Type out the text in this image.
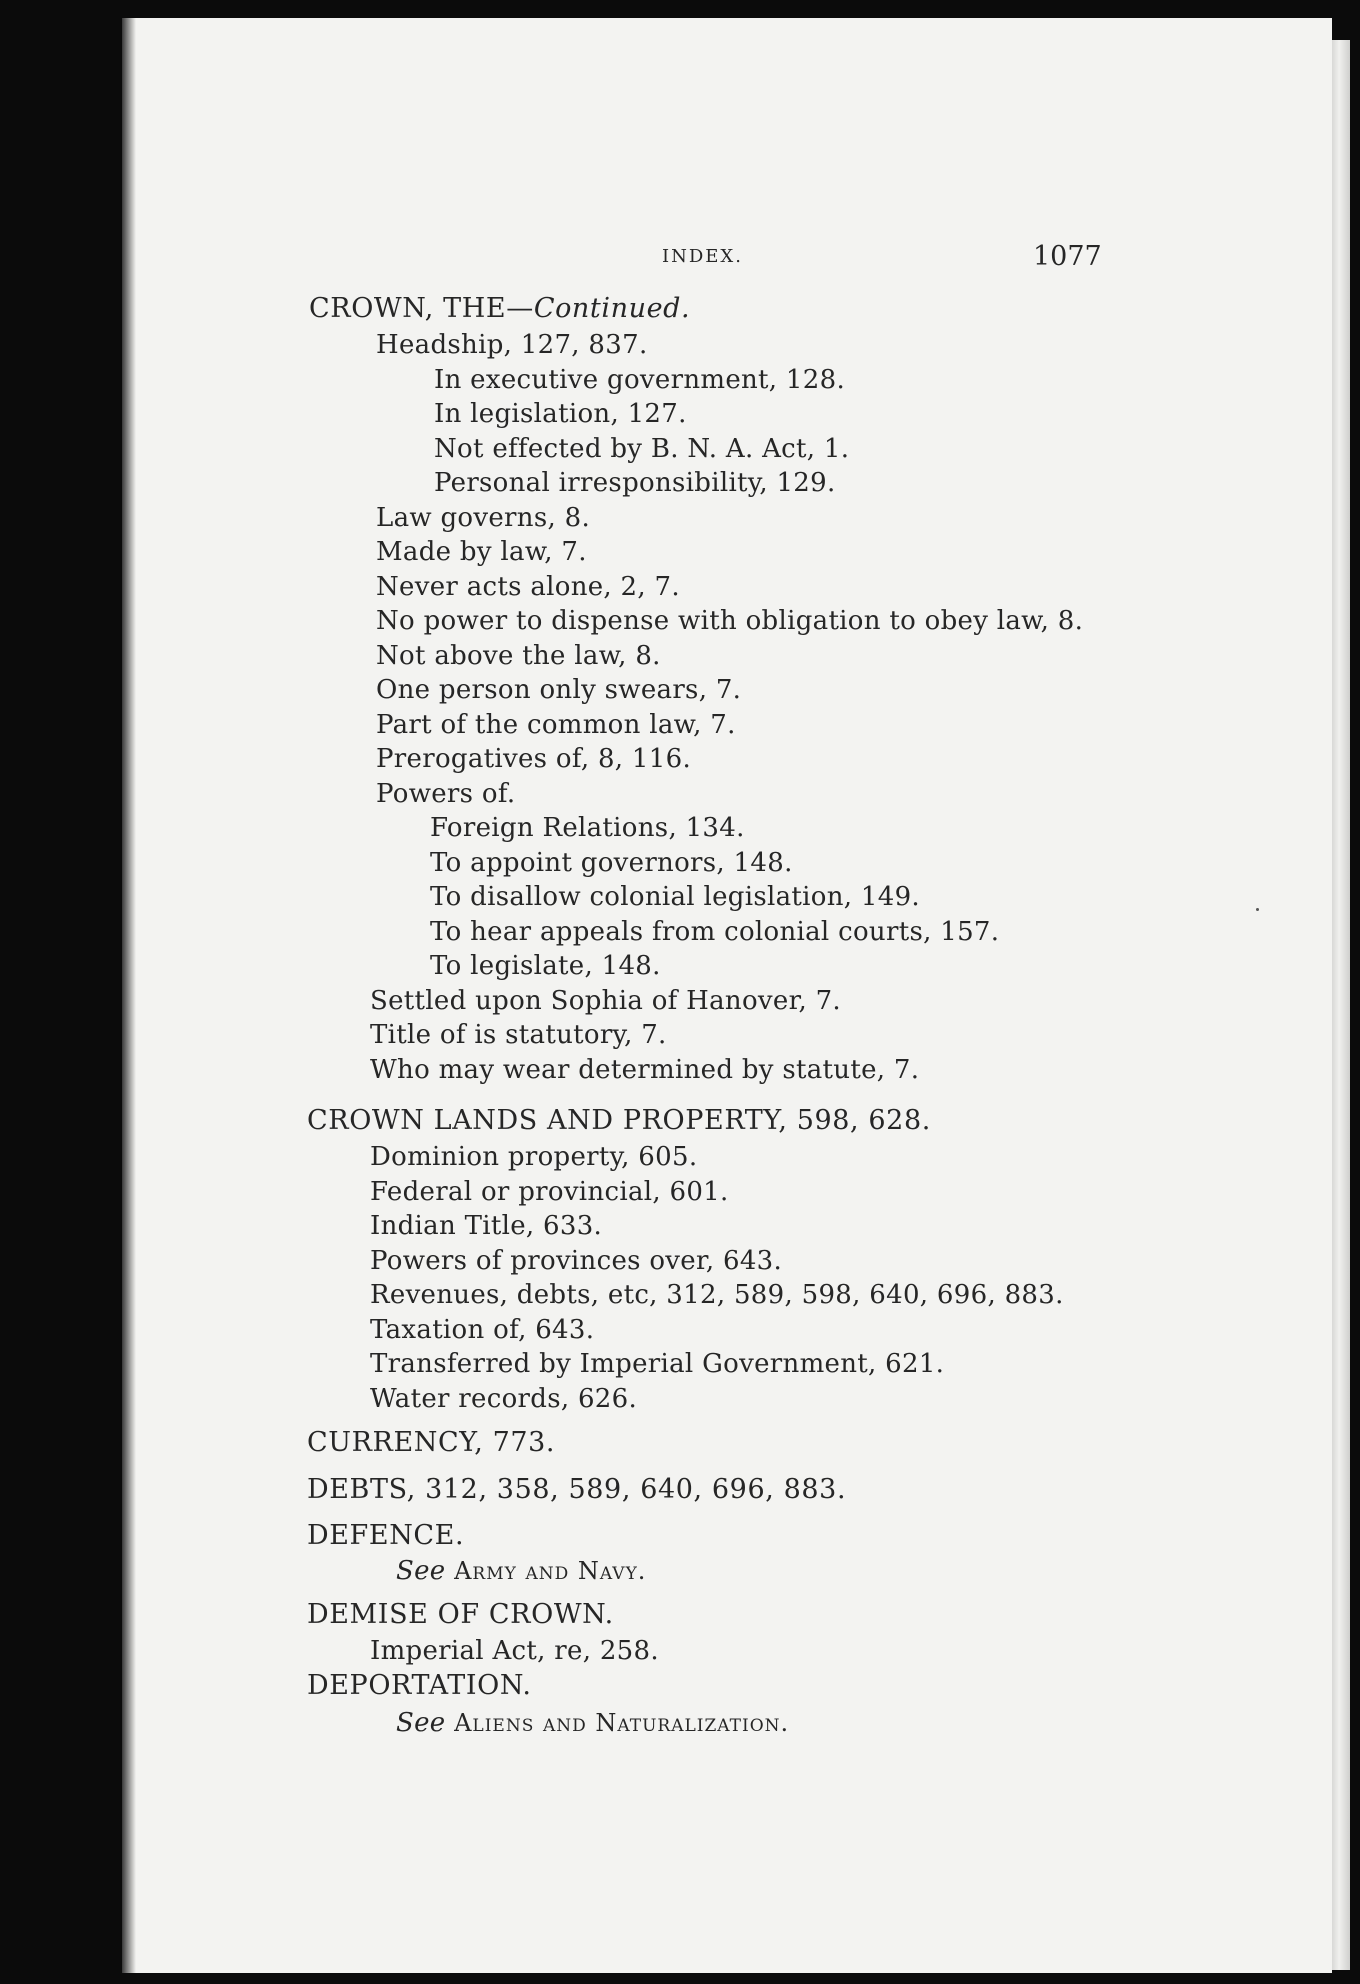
INDEX.	1077
CROWN, THE—Continued.
Headship, 127, 837.
In executive government, 128.
In legislation, 127.
Not effected by B. N. A. Act, 1.
Personal irresponsibility, 129.
Law governs, 8.
Made by law, 7.
Never acts alone, 2, 7.
No power to dispense with obligation to obey law, 8.
Not above the law, 8.
One person only swears, 7.
Part of the common law, 7.
Prerogatives of, 8, 116.
Powers of.
Foreign Relations, 134.
To appoint governors, 148.
To disallow colonial legislation, 149.
To hear appeals from colonial courts, 157.
To legislate, 148.
Settled upon Sophia of Hanover, 7.
Title of is statutory, 7.
Who may wear determined by statute, 7.
CROWN LANDS AND PROPERTY, 598, 628.
Dominion property, 605.
Federal or provincial, 601.
Indian Title, 633.
Powers of provinces over, 643.
Revenues, debts, etc, 312, 589, 598, 640, 696, 883.
Taxation of, 643.
Transferred by Imperial Government, 621.
Water records, 626.
CURRENCY, 773.
DEBTS, 312, 358, 589, 640, 696, 883.
DEFENCE.
See Army and Navy.
DEMISE OF CROWN.
Imperial Act, re, 258.
DEPORTATION.
See Aliens and Naturalization.
